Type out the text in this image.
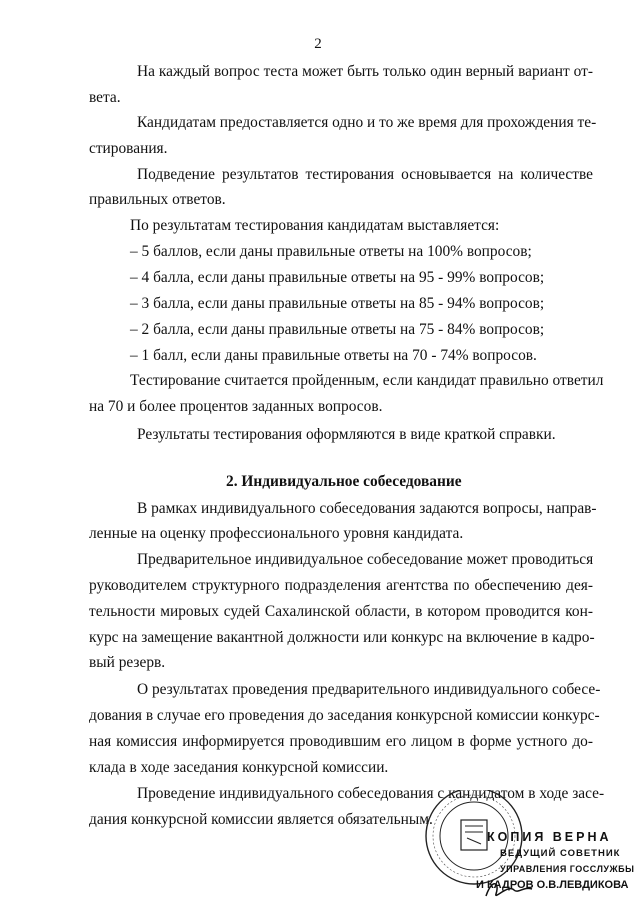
2
На каждый вопрос теста может быть только один верный вариант от-
вета.
Кандидатам предоставляется одно и то же время для прохождения те-
стирования.
Подведение результатов тестирования основывается на количестве
правильных ответов.
По результатам тестирования кандидатам выставляется:
– 5 баллов, если даны правильные ответы на 100% вопросов;
– 4 балла, если даны правильные ответы на 95 - 99% вопросов;
– 3 балла, если даны правильные ответы на 85 - 94% вопросов;
– 2 балла, если даны правильные ответы на 75 - 84% вопросов;
– 1 балл, если даны правильные ответы на 70 - 74% вопросов.
Тестирование считается пройденным, если кандидат правильно ответил
на 70 и более процентов заданных вопросов.
Результаты тестирования оформляются в виде краткой справки.
2. Индивидуальное собеседование
В рамках индивидуального собеседования задаются вопросы, направ-
ленные на оценку профессионального уровня кандидата.
Предварительное индивидуальное собеседование может проводиться
руководителем структурного подразделения агентства по обеспечению дея-
тельности мировых судей Сахалинской области, в котором проводится кон-
курс на замещение вакантной должности или конкурс на включение в кадро-
вый резерв.
О результатах проведения предварительного индивидуального собесе-
дования в случае его проведения до заседания конкурсной комиссии конкурс-
ная комиссия информируется проводившим его лицом в форме устного до-
клада в ходе заседания конкурсной комиссии.
Проведение индивидуального собеседования с кандидатом в ходе засе-
дания конкурсной комиссии является обязательным.
КОПИЯ ВЕРНА
ВЕДУЩИЙ СОВЕТНИК
УПРАВЛЕНИЯ ГОССЛУЖБЫ
И КАДРОВ О.В.ЛЕВДИКОВА
